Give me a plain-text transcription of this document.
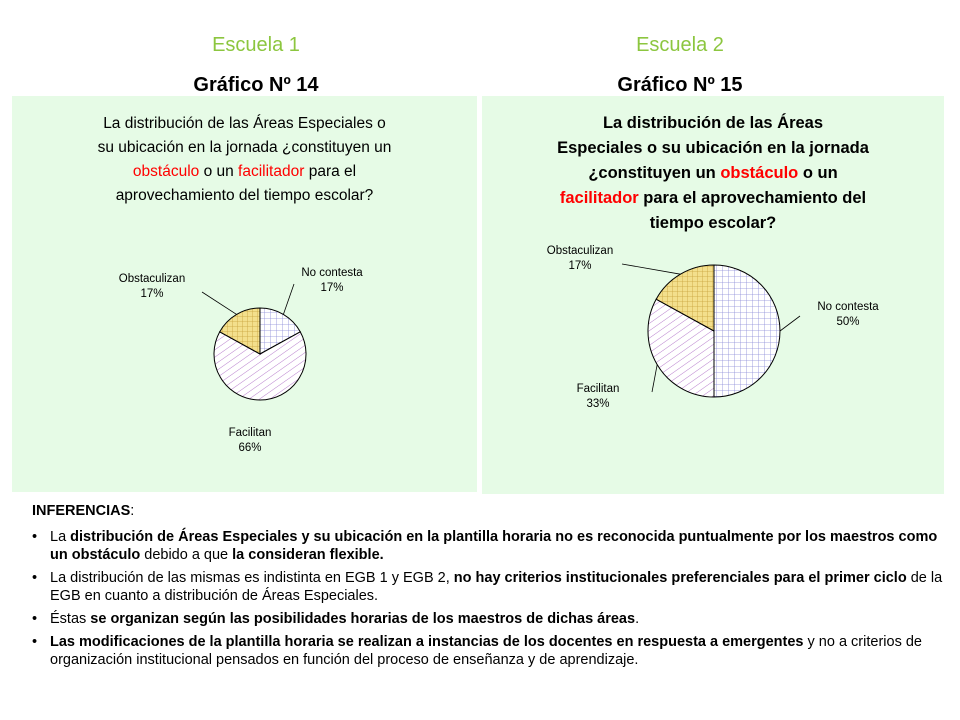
Escuela 1
Gráfico Nº 14
Escuela 2
Gráfico Nº 15
La distribución de las Áreas Especiales o
su ubicación en la jornada ¿constituyen un
obstáculo o un facilitador para el
aprovechamiento del tiempo escolar?
Obstaculizan
17%
No contesta
17%
Facilitan
66%
La distribución de las Áreas
Especiales o su ubicación en la jornada
¿constituyen un obstáculo o un
facilitador para el aprovechamiento del
tiempo escolar?
Obstaculizan
17%
No contesta
50%
Facilitan
33%
INFERENCIAS:
• La distribución de Áreas Especiales y su ubicación en la plantilla horaria no es reconocida puntualmente por los maestros como un obstáculo debido a que la consideran flexible.
• La distribución de las mismas es indistinta en EGB 1 y EGB 2, no hay criterios institucionales preferenciales para el primer ciclo de la EGB en cuanto a distribución de Áreas Especiales.
• Éstas se organizan según las posibilidades horarias de los maestros de dichas áreas.
• Las modificaciones de la plantilla horaria se realizan a instancias de los docentes en respuesta a emergentes y no a criterios de organización institucional pensados en función del proceso de enseñanza y de aprendizaje.
